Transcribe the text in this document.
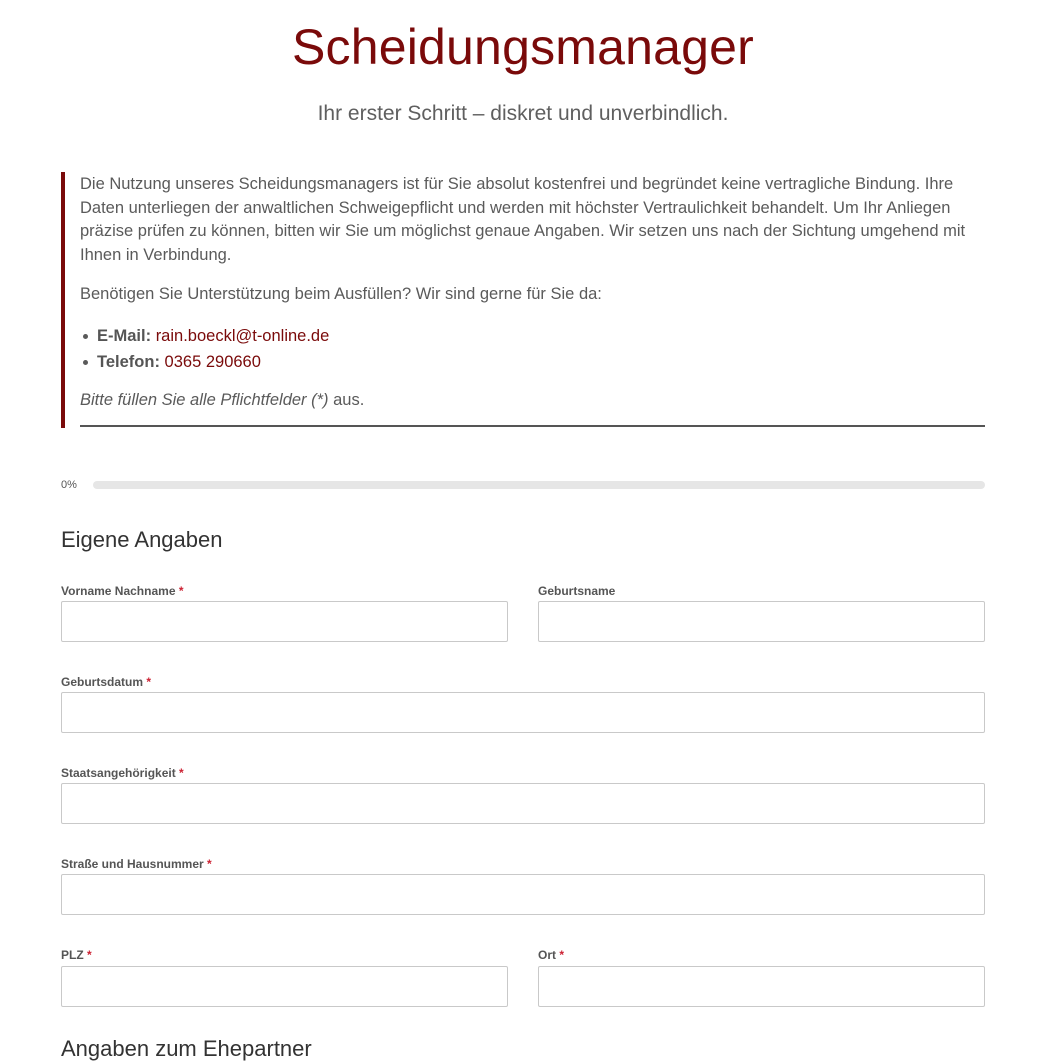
Scheidungsmanager
Ihr erster Schritt – diskret und unverbindlich.

Die Nutzung unseres Scheidungsmanagers ist für Sie absolut kostenfrei und begründet keine vertragliche Bindung. Ihre Daten unterliegen der anwaltlichen Schweigepflicht und werden mit höchster Vertraulichkeit behandelt. Um Ihr Anliegen präzise prüfen zu können, bitten wir Sie um möglichst genaue Angaben. Wir setzen uns nach der Sichtung umgehend mit Ihnen in Verbindung.

Benötigen Sie Unterstützung beim Ausfüllen? Wir sind gerne für Sie da:

E-Mail: rain.boeckl@t-online.de
Telefon: 0365 290660

Bitte füllen Sie alle Pflichtfelder (*) aus.

0%
Eigene Angaben
Vorname Nachname *	Geburtsname
Geburtsdatum *
Staatsangehörigkeit *
Straße und Hausnummer *
PLZ *	Ort *
Angaben zum Ehepartner
